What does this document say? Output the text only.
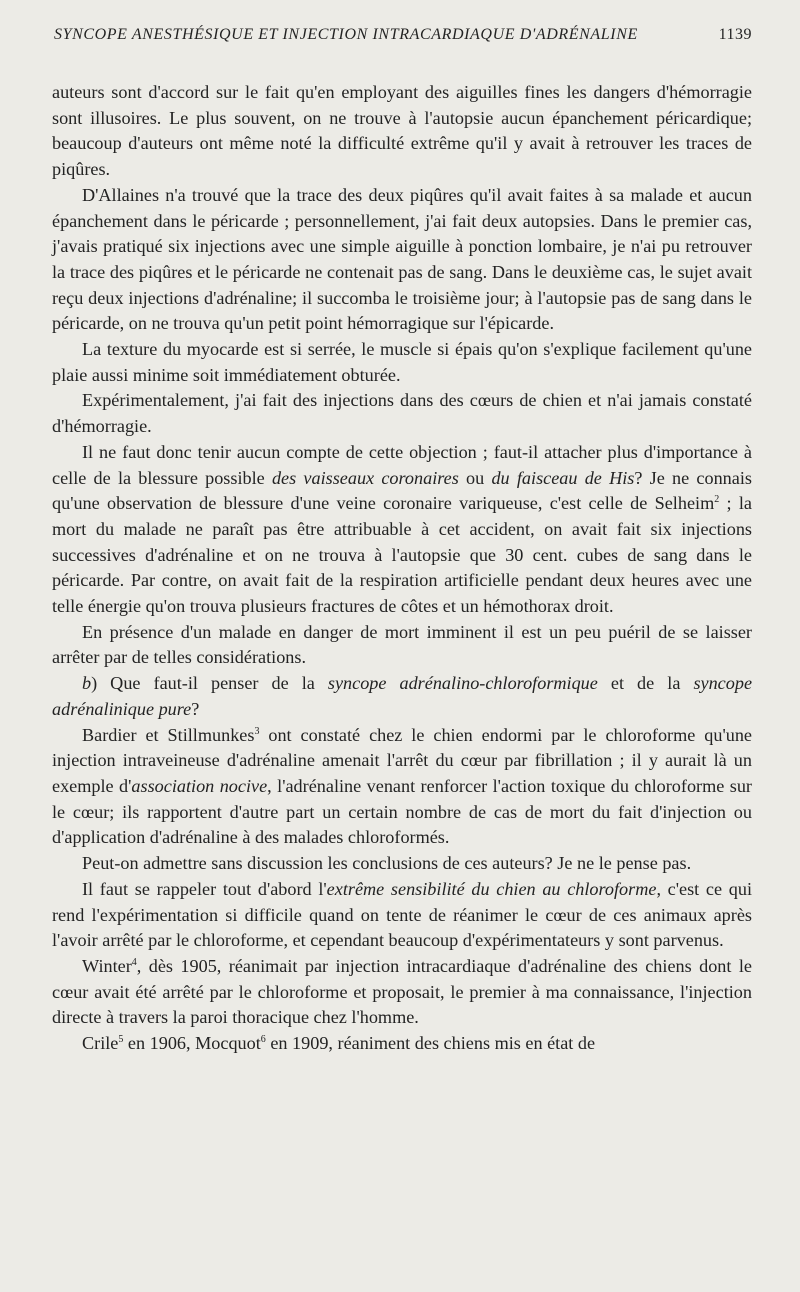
SYNCOPE ANESTHÉSIQUE ET INJECTION INTRACARDIAQUE D'ADRÉNALINE	1139

auteurs sont d'accord sur le fait qu'en employant des aiguilles fines les dangers d'hémorragie sont illusoires. Le plus souvent, on ne trouve à l'autopsie aucun épanchement péricardique; beaucoup d'auteurs ont même noté la difficulté extrême qu'il y avait à retrouver les traces de piqûres.

D'Allaines n'a trouvé que la trace des deux piqûres qu'il avait faites à sa malade et aucun épanchement dans le péricarde ; personnellement, j'ai fait deux autopsies. Dans le premier cas, j'avais pratiqué six injections avec une simple aiguille à ponction lombaire, je n'ai pu retrouver la trace des piqûres et le péricarde ne contenait pas de sang. Dans le deuxième cas, le sujet avait reçu deux injections d'adrénaline; il succomba le troisième jour; à l'autopsie pas de sang dans le péricarde, on ne trouva qu'un petit point hémorragique sur l'épicarde.

La texture du myocarde est si serrée, le muscle si épais qu'on s'explique facilement qu'une plaie aussi minime soit immédiatement obturée.

Expérimentalement, j'ai fait des injections dans des cœurs de chien et n'ai jamais constaté d'hémorragie.

Il ne faut donc tenir aucun compte de cette objection ; faut-il attacher plus d'importance à celle de la blessure possible des vaisseaux coronaires ou du faisceau de His? Je ne connais qu'une observation de blessure d'une veine coronaire variqueuse, c'est celle de Selheim$^2$ ; la mort du malade ne paraît pas être attribuable à cet accident, on avait fait six injections successives d'adrénaline et on ne trouva à l'autopsie que 30 cent. cubes de sang dans le péricarde. Par contre, on avait fait de la respiration artificielle pendant deux heures avec une telle énergie qu'on trouva plusieurs fractures de côtes et un hémothorax droit.

En présence d'un malade en danger de mort imminent il est un peu puéril de se laisser arrêter par de telles considérations.

b) Que faut-il penser de la syncope adrénalino-chloroformique et de la syncope adrénalinique pure?

Bardier et Stillmunkes$^3$ ont constaté chez le chien endormi par le chloroforme qu'une injection intraveineuse d'adrénaline amenait l'arrêt du cœur par fibrillation ; il y aurait là un exemple d'association nocive, l'adrénaline venant renforcer l'action toxique du chloroforme sur le cœur; ils rapportent d'autre part un certain nombre de cas de mort du fait d'injection ou d'application d'adrénaline à des malades chloroformés.

Peut-on admettre sans discussion les conclusions de ces auteurs? Je ne le pense pas.

Il faut se rappeler tout d'abord l'extrême sensibilité du chien au chloroforme, c'est ce qui rend l'expérimentation si difficile quand on tente de réanimer le cœur de ces animaux après l'avoir arrêté par le chloroforme, et cependant beaucoup d'expérimentateurs y sont parvenus.

Winter$^4$, dès 1905, réanimait par injection intracardiaque d'adrénaline des chiens dont le cœur avait été arrêté par le chloroforme et proposait, le premier à ma connaissance, l'injection directe à travers la paroi thoracique chez l'homme.

Crile$^5$ en 1906, Mocquot$^6$ en 1909, réaniment des chiens mis en état de
